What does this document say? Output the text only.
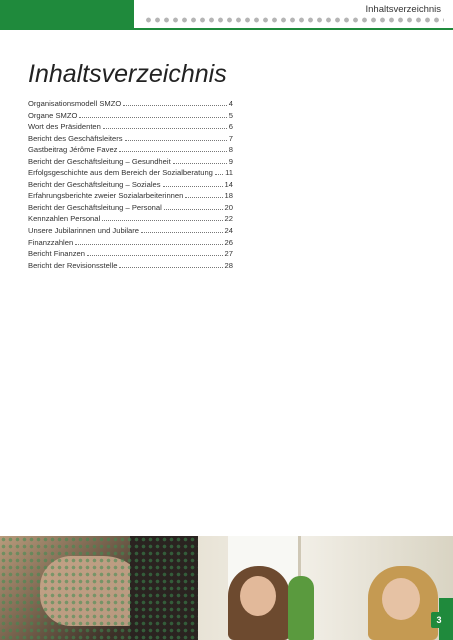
Inhaltsverzeichnis
Inhaltsverzeichnis
Organisationsmodell SMZO	4
Organe SMZO	5
Wort des Präsidenten	6
Bericht des Geschäftsleiters	7
Gastbeitrag Jérôme Favez	8
Bericht der Geschäftsleitung – Gesundheit	9
Erfolgsgeschichte aus dem Bereich der Sozialberatung 11
Bericht der Geschäftsleitung – Soziales	14
Erfahrungsberichte zweier Sozialarbeiterinnen	18
Bericht der Geschäftsleitung – Personal	20
Kennzahlen Personal	22
Unsere Jubilarinnen und Jubilare	24
Finanzzahlen	26
Bericht Finanzen	27
Bericht der Revisionsstelle	28
3
